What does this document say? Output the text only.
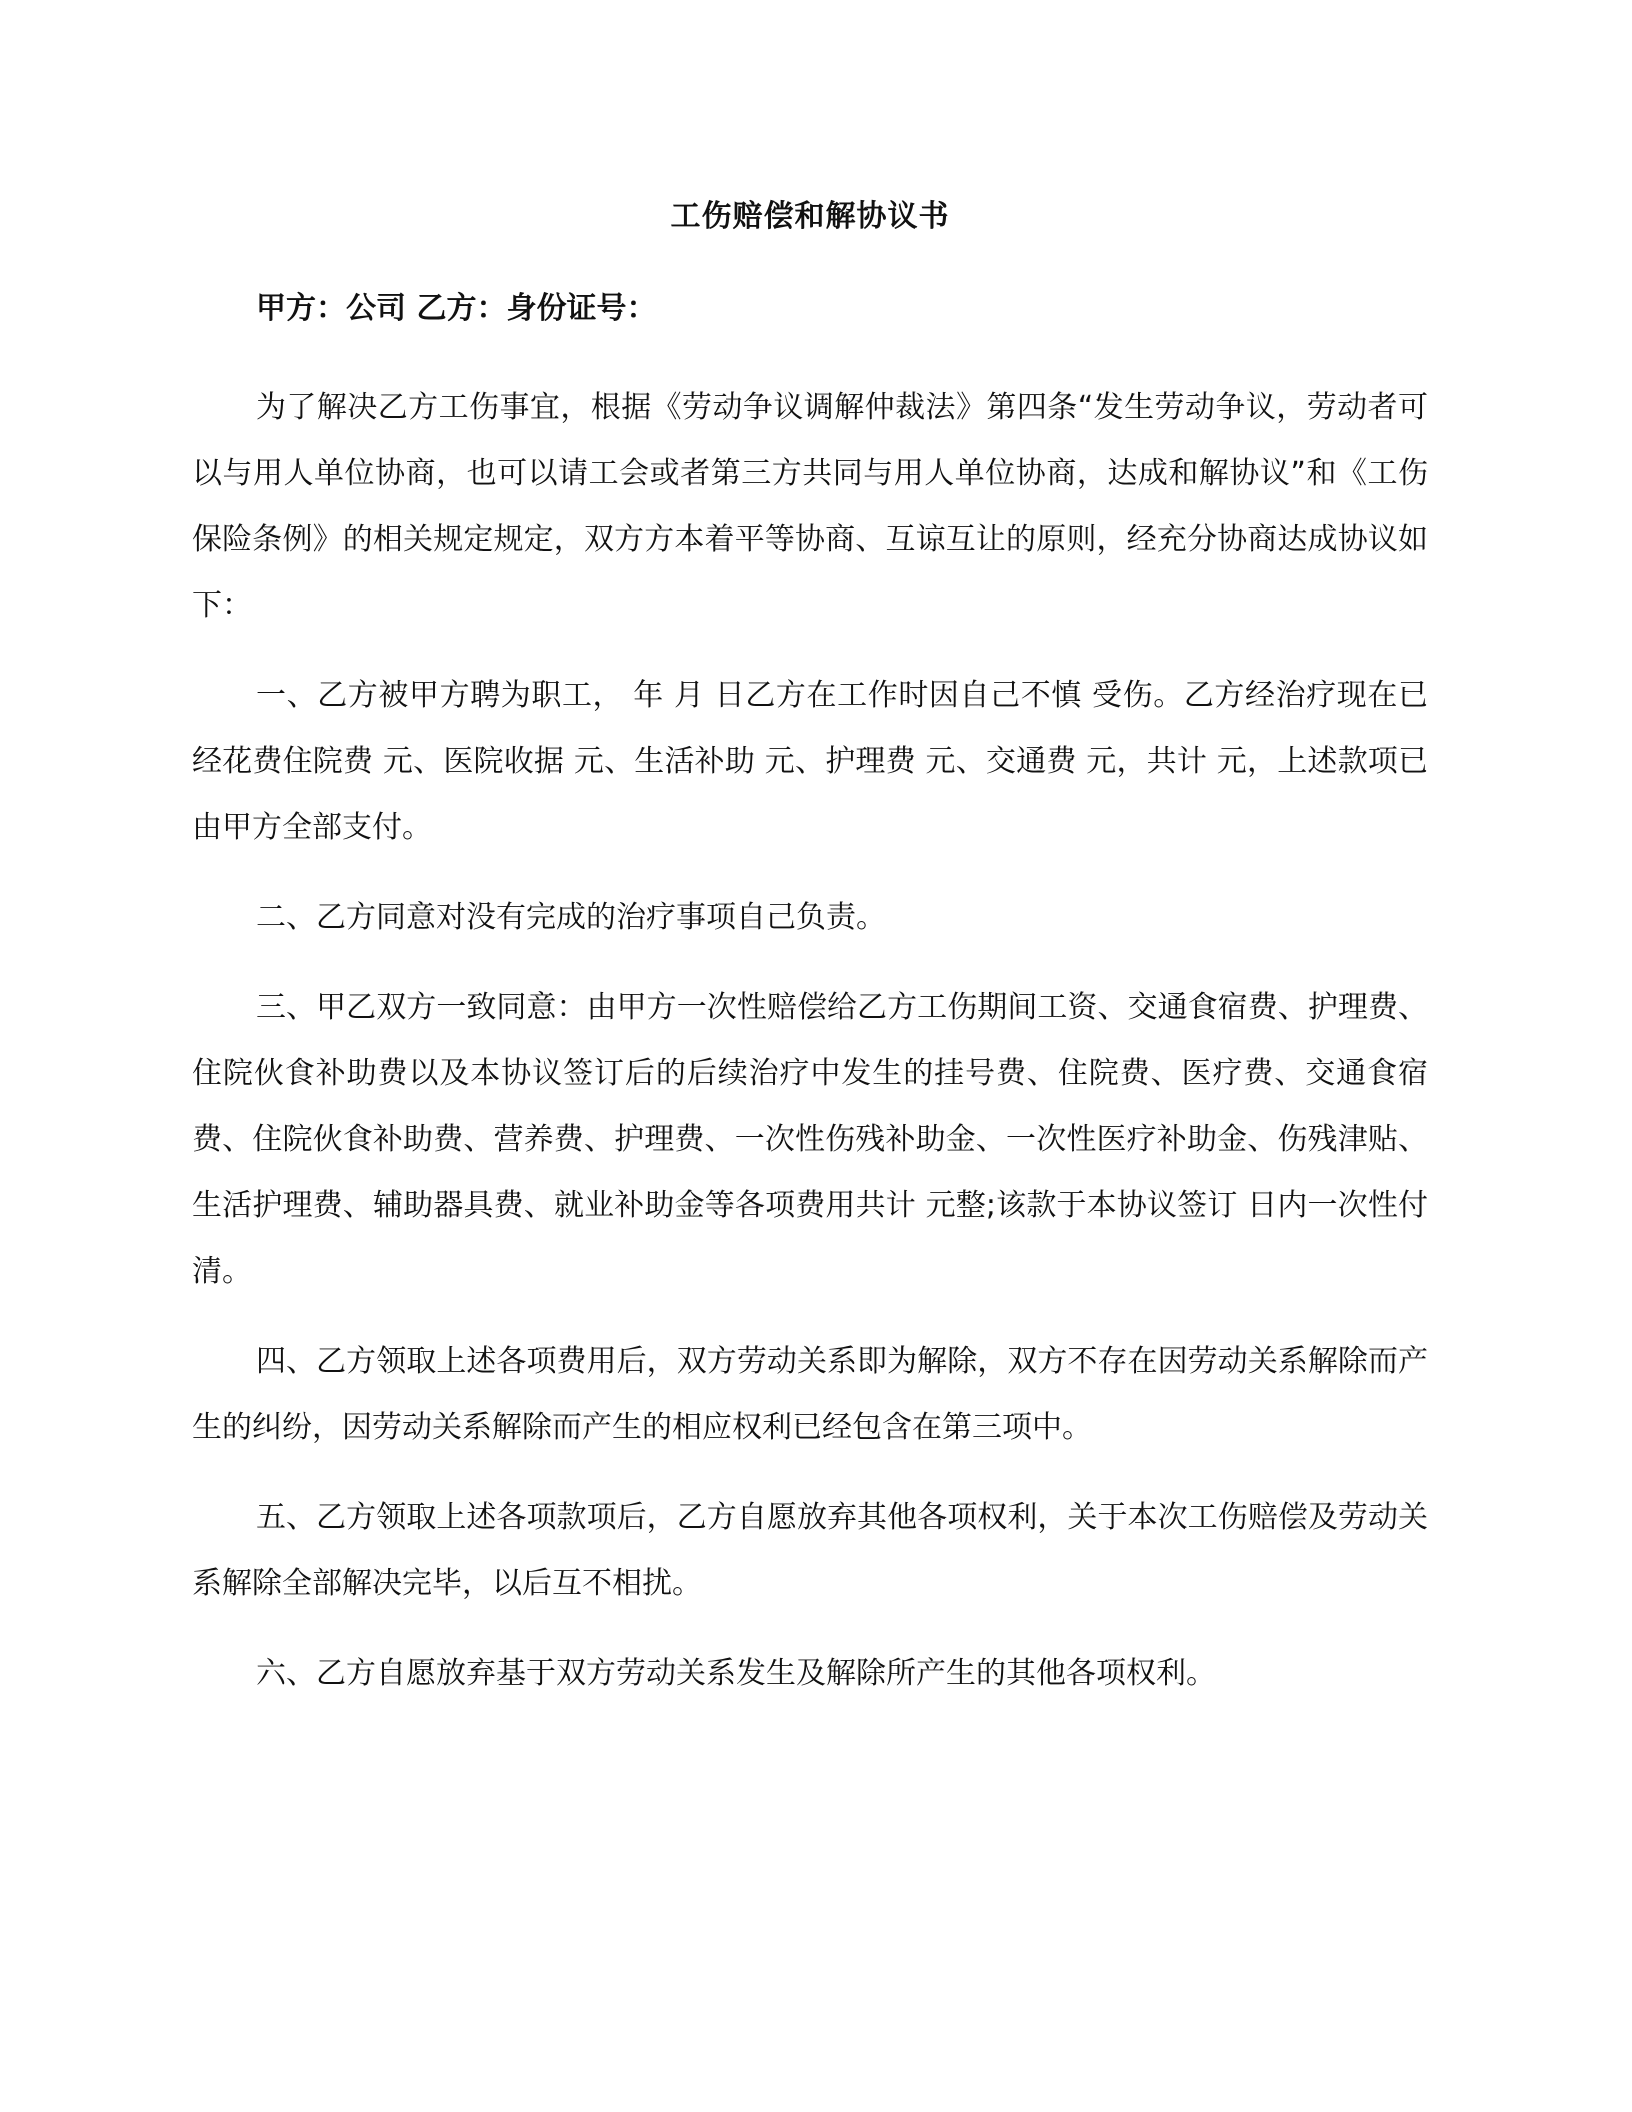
工伤赔偿和解协议书
甲方：公司 乙方：身份证号：

为了解决乙方工伤事宜，根据《劳动争议调解仲裁法》第四条“发生劳动争议，劳动者可以与用人单位协商，也可以请工会或者第三方共同与用人单位协商，达成和解协议”和《工伤保险条例》的相关规定规定，双方方本着平等协商、互谅互让的原则，经充分协商达成协议如下：

一、乙方被甲方聘为职工， 年 月 日乙方在工作时因自己不慎 受伤。乙方经治疗现在已经花费住院费 元、医院收据 元、生活补助 元、护理费 元、交通费 元，共计 元，上述款项已由甲方全部支付。

二、乙方同意对没有完成的治疗事项自己负责。

三、甲乙双方一致同意：由甲方一次性赔偿给乙方工伤期间工资、交通食宿费、护理费、住院伙食补助费以及本协议签订后的后续治疗中发生的挂号费、住院费、医疗费、交通食宿费、住院伙食补助费、营养费、护理费、一次性伤残补助金、一次性医疗补助金、伤残津贴、生活护理费、辅助器具费、就业补助金等各项费用共计 元整;该款于本协议签订 日内一次性付清。

四、乙方领取上述各项费用后，双方劳动关系即为解除，双方不存在因劳动关系解除而产生的纠纷，因劳动关系解除而产生的相应权利已经包含在第三项中。

五、乙方领取上述各项款项后，乙方自愿放弃其他各项权利，关于本次工伤赔偿及劳动关系解除全部解决完毕，以后互不相扰。

六、乙方自愿放弃基于双方劳动关系发生及解除所产生的其他各项权利。
